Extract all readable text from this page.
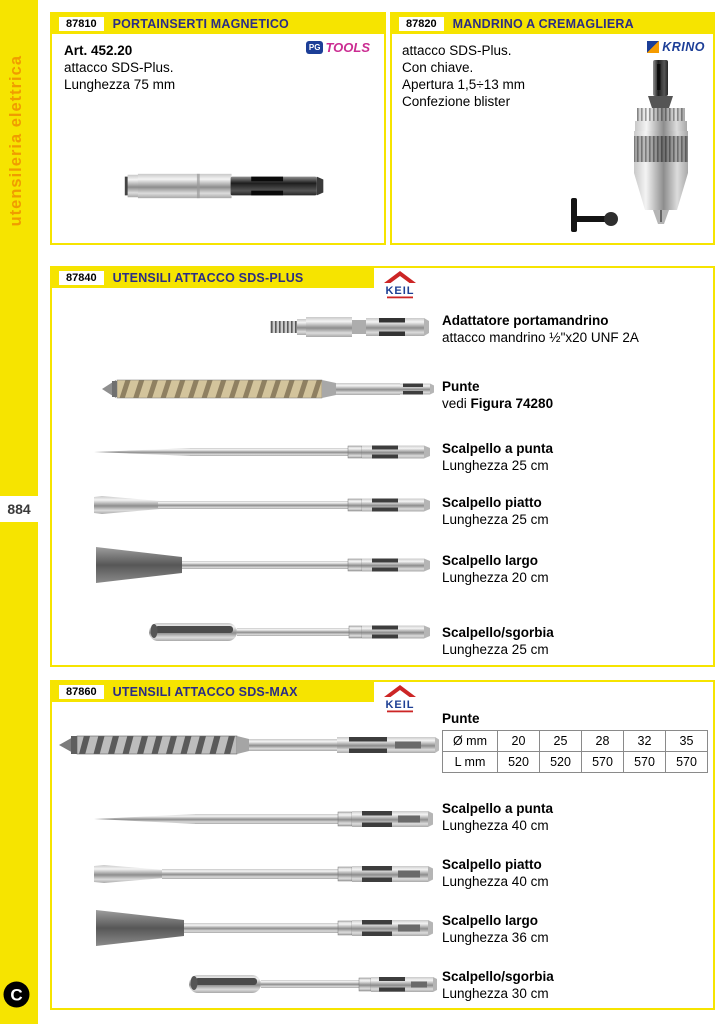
utensileria elettrica
884
C
87810	PORTAINSERTI MAGNETICO
Art. 452.20
attacco SDS-Plus.
Lunghezza 75 mm
PG TOOLS
87820	MANDRINO A CREMAGLIERA
attacco SDS-Plus.
Con chiave.
Apertura 1,5÷13 mm
Confezione blister
KRINO
87840	UTENSILI ATTACCO SDS-PLUS
KEIL
Adattatore portamandrino
attacco mandrino ½"x20 UNF 2A
Punte
vedi Figura 74280
Scalpello a punta
Lunghezza 25 cm
Scalpello piatto
Lunghezza 25 cm
Scalpello largo
Lunghezza 20 cm
Scalpello/sgorbia
Lunghezza 25 cm
87860	UTENSILI ATTACCO SDS-MAX
KEIL
Punte
Ø mm	20	25	28	32	35
L mm	520	520	570	570	570
Scalpello a punta
Lunghezza 40 cm
Scalpello piatto
Lunghezza 40 cm
Scalpello largo
Lunghezza 36 cm
Scalpello/sgorbia
Lunghezza 30 cm
